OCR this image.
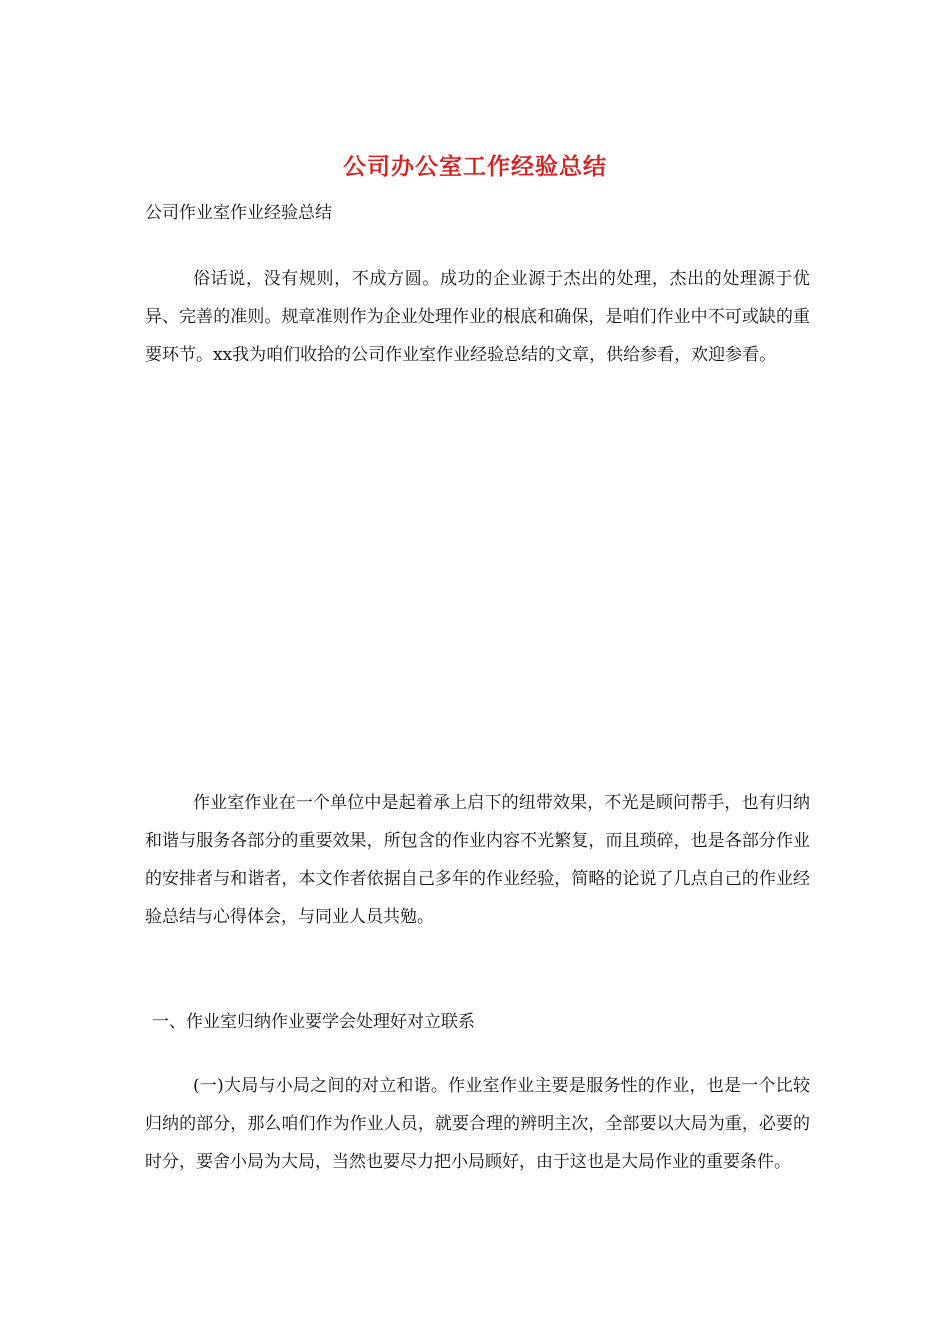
公司办公室工作经验总结
公司作业室作业经验总结

俗话说，没有规则，不成方圆。成功的企业源于杰出的处理，杰出的处理源于优异、完善的准则。规章准则作为企业处理作业的根底和确保，是咱们作业中不可或缺的重要环节。xx我为咱们收拾的公司作业室作业经验总结的文章，供给参看，欢迎参看。

作业室作业在一个单位中是起着承上启下的纽带效果，不光是顾问帮手，也有归纳和谐与服务各部分的重要效果，所包含的作业内容不光繁复，而且琐碎，也是各部分作业的安排者与和谐者，本文作者依据自己多年的作业经验，简略的论说了几点自己的作业经验总结与心得体会，与同业人员共勉。

一、作业室归纳作业要学会处理好对立联系

(一)大局与小局之间的对立和谐。作业室作业主要是服务性的作业，也是一个比较归纳的部分，那么咱们作为作业人员，就要合理的辨明主次，全部要以大局为重，必要的时分，要舍小局为大局，当然也要尽力把小局顾好，由于这也是大局作业的重要条件。
